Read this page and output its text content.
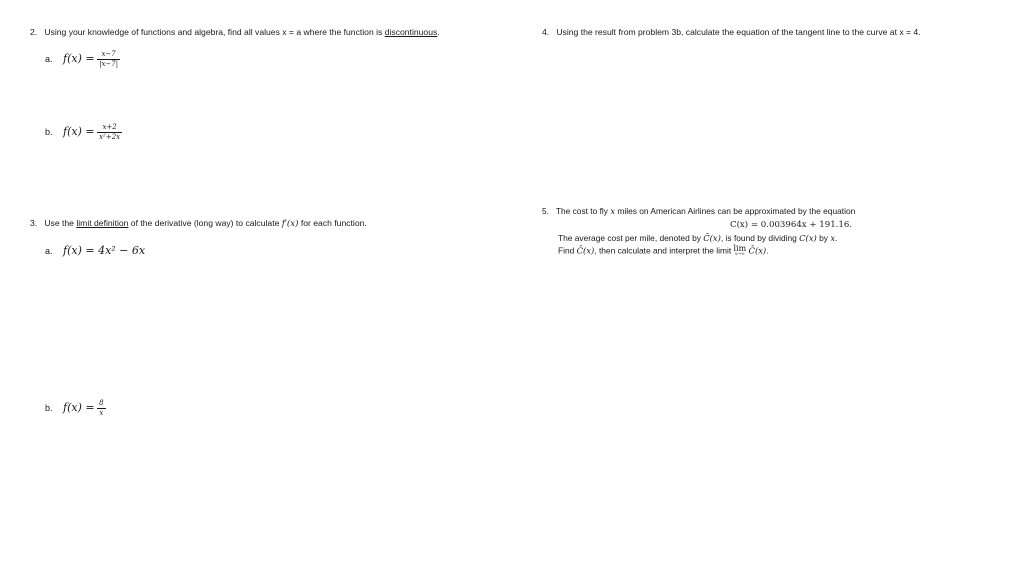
2. Using your knowledge of functions and algebra, find all values x = a where the function is discontinuous.
a. $f(x) = \frac{x-7}{|x-7|}$
b. $f(x) = \frac{x+2}{\text{x²+2x}}$
3. Use the limit definition of the derivative (long way) to calculate f′(x) for each function.
a. f(x) = 4x² − 6x
b. $f(x) = \frac{8}{x}$
4. Using the result from problem 3b, calculate the equation of the tangent line to the curve at x = 4.
5. The cost to fly x miles on American Airlines can be approximated by the equation
C(x) = 0.003964x + 191.16.
The average cost per mile, denoted by C̄(x), is found by dividing C(x) by x.
Find C̄(x), then calculate and interpret the limit lim
x→∞ C̄(x).
